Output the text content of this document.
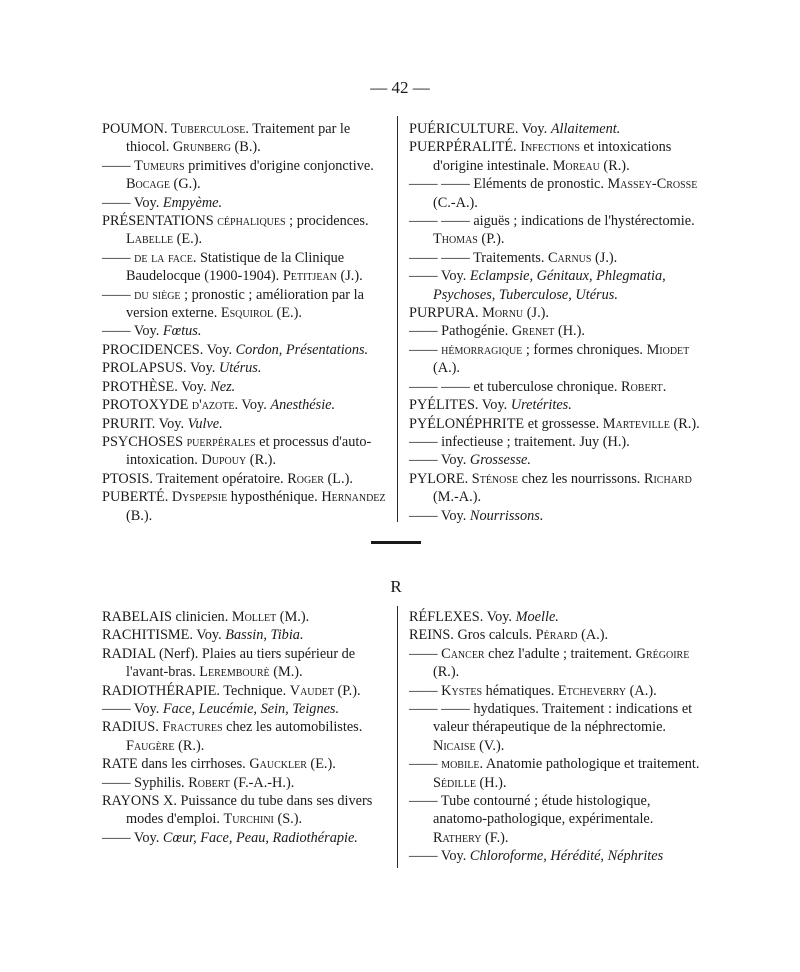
— 42 —

POUMON. Tuberculose. Traitement par le thiocol. Grunberg (B.).

—— Tumeurs primitives d'origine conjonctive. Bocage (G.).

—— Voy. Empyème.

PRÉSENTATIONS céphaliques ; procidences. Labelle (E.).

—— de la face. Statistique de la Clinique Baudelocque (1900-1904). Petitjean (J.).

—— du siège ; pronostic ; amélioration par la version externe. Esquirol (E.).

—— Voy. Fœtus.

PROCIDENCES. Voy. Cordon, Présentations.

PROLAPSUS. Voy. Utérus.

PROTHÈSE. Voy. Nez.

PROTOXYDE d'azote. Voy. Anesthésie.

PRURIT. Voy. Vulve.

PSYCHOSES puerpérales et processus d'auto-intoxication. Dupouy (R.).

PTOSIS. Traitement opératoire. Roger (L.).

PUBERTÉ. Dyspepsie hyposthénique. Hernandez (B.).

PUÉRICULTURE. Voy. Allaitement.

PUERPÉRALITÉ. Infections et intoxications d'origine intestinale. Moreau (R.).

—— —— Eléments de pronostic. Massey-Crosse (C.-A.).

—— —— aiguës ; indications de l'hystérectomie. Thomas (P.).

—— —— Traitements. Carnus (J.).

—— Voy. Eclampsie, Génitaux, Phlegmatia, Psychoses, Tuberculose, Utérus.

PURPURA. Mornu (J.).

—— Pathogénie. Grenet (H.).

—— hémorragique ; formes chroniques. Miodet (A.).

—— —— et tuberculose chronique. Robert.

PYÉLITES. Voy. Uretérites.

PYÉLONÉPHRITE et grossesse. Marteville (R.).

—— infectieuse ; traitement. Juy (H.).

—— Voy. Grossesse.

PYLORE. Sténose chez les nourrissons. Richard (M.-A.).

—— Voy. Nourrissons.

R

RABELAIS clinicien. Mollet (M.).

RACHITISME. Voy. Bassin, Tibia.

RADIAL (Nerf). Plaies au tiers supérieur de l'avant-bras. Lerembourè (M.).

RADIOTHÉRAPIE. Technique. Vaudet (P.).

—— Voy. Face, Leucémie, Sein, Teignes.

RADIUS. Fractures chez les automobilistes. Faugère (R.).

RATE dans les cirrhoses. Gauckler (E.).

—— Syphilis. Robert (F.-A.-H.).

RAYONS X. Puissance du tube dans ses divers modes d'emploi. Turchini (S.).

—— Voy. Cœur, Face, Peau, Radiothérapie.

RÉFLEXES. Voy. Moelle.

REINS. Gros calculs. Pérard (A.).

—— Cancer chez l'adulte ; traitement. Grégoire (R.).

—— Kystes hématiques. Etcheverry (A.).

—— —— hydatiques. Traitement : indications et valeur thérapeutique de la néphrectomie. Nicaise (V.).

—— mobile. Anatomie pathologique et traitement. Sédille (H.).

—— Tube contourné ; étude histologique, anatomo-pathologique, expérimentale. Rathery (F.).

—— Voy. Chloroforme, Hérédité, Néphrites
